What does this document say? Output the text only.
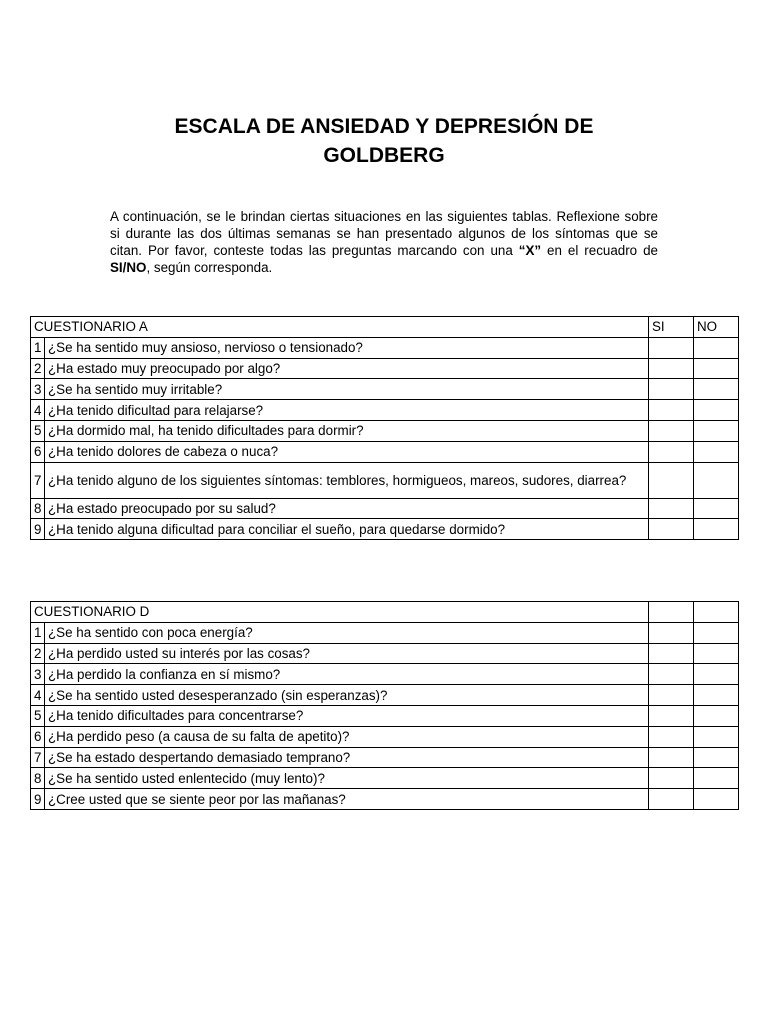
ESCALA DE ANSIEDAD Y DEPRESIÓN DE GOLDBERG
A continuación, se le brindan ciertas situaciones en las siguientes tablas. Reflexione sobre si durante las dos últimas semanas se han presentado algunos de los síntomas que se citan. Por favor, conteste todas las preguntas marcando con una “X” en el recuadro de SI/NO, según corresponda.
CUESTIONARIO A		SI	NO
1	¿Se ha sentido muy ansioso, nervioso o tensionado?		
2	¿Ha estado muy preocupado por algo?		
3	¿Se ha sentido muy irritable?		
4	¿Ha tenido dificultad para relajarse?		
5	¿Ha dormido mal, ha tenido dificultades para dormir?		
6	¿Ha tenido dolores de cabeza o nuca?		
7	¿Ha tenido alguno de los siguientes síntomas: temblores, hormigueos, mareos, sudores, diarrea?		
8	¿Ha estado preocupado por su salud?		
9	¿Ha tenido alguna dificultad para conciliar el sueño, para quedarse dormido?		
CUESTIONARIO D			
1	¿Se ha sentido con poca energía?		
2	¿Ha perdido usted su interés por las cosas?		
3	¿Ha perdido la confianza en sí mismo?		
4	¿Se ha sentido usted desesperanzado (sin esperanzas)?		
5	¿Ha tenido dificultades para concentrarse?		
6	¿Ha perdido peso (a causa de su falta de apetito)?		
7	¿Se ha estado despertando demasiado temprano?		
8	¿Se ha sentido usted enlentecido (muy lento)?		
9	¿Cree usted que se siente peor por las mañanas?		
